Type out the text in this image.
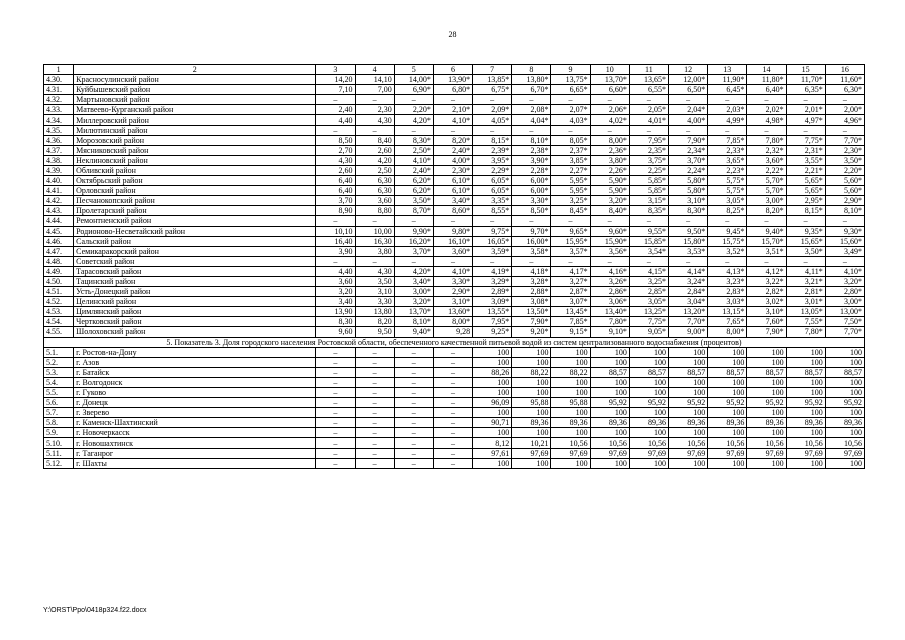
28
1	2	3	4	5	6	7	8	9	10	11	12	13	14	15	16
4.30.	Красносулинский район	14,20	14,10	14,00*	13,90*	13,85*	13,80*	13,75*	13,70*	13,65*	12,00*	11,90*	11,80*	11,70*	11,60*
4.31.	Куйбышевский район	7,10	7,00	6,90*	6,80*	6,75*	6,70*	6,65*	6,60*	6,55*	6,50*	6,45*	6,40*	6,35*	6,30*
4.32.	Мартыновский район	–	–	–	–	–	–	–	–	–	–	–	–	–	–
4.33.	Матвеево-Курганский район	2,40	2,30	2,20*	2,10*	2,09*	2,08*	2,07*	2,06*	2,05*	2,04*	2,03*	2,02*	2,01*	2,00*
4.34.	Миллеровский район	4,40	4,30	4,20*	4,10*	4,05*	4,04*	4,03*	4,02*	4,01*	4,00*	4,99*	4,98*	4,97*	4,96*
4.35.	Милютинский район	–	–	–	–	–	–	–	–	–	–	–	–	–	–
4.36.	Морозовский район	8,50	8,40	8,30*	8,20*	8,15*	8,10*	8,05*	8,00*	7,95*	7,90*	7,85*	7,80*	7,75*	7,70*
4.37.	Мясниковский район	2,70	2,60	2,50*	2,40*	2,39*	2,38*	2,37*	2,36*	2,35*	2,34*	2,33*	2,32*	2,31*	2,30*
4.38.	Неклиновский район	4,30	4,20	4,10*	4,00*	3,95*	3,90*	3,85*	3,80*	3,75*	3,70*	3,65*	3,60*	3,55*	3,50*
4.39.	Обливский район	2,60	2,50	2,40*	2,30*	2,29*	2,28*	2,27*	2,26*	2,25*	2,24*	2,23*	2,22*	2,21*	2,20*
4.40.	Октябрьский район	6,40	6,30	6,20*	6,10*	6,05*	6,00*	5,95*	5,90*	5,85*	5,80*	5,75*	5,70*	5,65*	5,60*
4.41.	Орловский район	6,40	6,30	6,20*	6,10*	6,05*	6,00*	5,95*	5,90*	5,85*	5,80*	5,75*	5,70*	5,65*	5,60*
4.42.	Песчанокопский район	3,70	3,60	3,50*	3,40*	3,35*	3,30*	3,25*	3,20*	3,15*	3,10*	3,05*	3,00*	2,95*	2,90*
4.43.	Пролетарский район	8,90	8,80	8,70*	8,60*	8,55*	8,50*	8,45*	8,40*	8,35*	8,30*	8,25*	8,20*	8,15*	8,10*
4.44.	Ремонтненский район	–	–	–	–	–	–	–	–	–	–	–	–	–	–
4.45.	Родионово-Несветайский район	10,10	10,00	9,90*	9,80*	9,75*	9,70*	9,65*	9,60*	9,55*	9,50*	9,45*	9,40*	9,35*	9,30*
4.46.	Сальский район	16,40	16,30	16,20*	16,10*	16,05*	16,00*	15,95*	15,90*	15,85*	15,80*	15,75*	15,70*	15,65*	15,60*
4.47.	Семикаракорский район	3,90	3,80	3,70*	3,60*	3,59*	3,58*	3,57*	3,56*	3,54*	3,53*	3,52*	3,51*	3,50*	3,49*
4.48.	Советский район	–	–	–	–	–	–	–	–	–	–	–	–	–	–
4.49.	Тарасовский район	4,40	4,30	4,20*	4,10*	4,19*	4,18*	4,17*	4,16*	4,15*	4,14*	4,13*	4,12*	4,11*	4,10*
4.50.	Тацинский район	3,60	3,50	3,40*	3,30*	3,29*	3,28*	3,27*	3,26*	3,25*	3,24*	3,23*	3,22*	3,21*	3,20*
4.51.	Усть-Донецкий район	3,20	3,10	3,00*	2,90*	2,89*	2,88*	2,87*	2,86*	2,85*	2,84*	2,83*	2,82*	2,81*	2,80*
4.52.	Целинский район	3,40	3,30	3,20*	3,10*	3,09*	3,08*	3,07*	3,06*	3,05*	3,04*	3,03*	3,02*	3,01*	3,00*
4.53.	Цимлянский район	13,90	13,80	13,70*	13,60*	13,55*	13,50*	13,45*	13,40*	13,25*	13,20*	13,15*	3,10*	13,05*	13,00*
4.54.	Чертковский район	8,30	8,20	8,10*	8,00*	7,95*	7,90*	7,85*	7,80*	7,75*	7,70*	7,65*	7,60*	7,55*	7,50*
4.55.	Шолоховский район	9,60	9,50	9,40*	9,28	9,25*	9,20*	9,15*	9,10*	9,05*	9,00*	8,00*	7,90*	7,80*	7,70*
5. Показатель 3. Доля городского населения Ростовской области, обеспеченного качественной питьевой водой из систем централизованного водоснабжения (процентов)															
5.1.	г. Ростов-на-Дону	–	–	–	–	100	100	100	100	100	100	100	100	100	100
5.2.	г. Азов	–	–	–	–	100	100	100	100	100	100	100	100	100	100
5.3.	г. Батайск	–	–	–	–	88,26	88,22	88,22	88,57	88,57	88,57	88,57	88,57	88,57	88,57
5.4.	г. Волгодонск	–	–	–	–	100	100	100	100	100	100	100	100	100	100
5.5.	г. Гуково	–	–	–	–	100	100	100	100	100	100	100	100	100	100
5.6.	г. Донецк	–	–	–	–	96,09	95,88	95,88	95,92	95,92	95,92	95,92	95,92	95,92	95,92
5.7.	г. Зверево	–	–	–	–	100	100	100	100	100	100	100	100	100	100
5.8.	г. Каменск-Шахтинский	–	–	–	–	90,71	89,36	89,36	89,36	89,36	89,36	89,36	89,36	89,36	89,36
5.9.	г. Новочеркасск	–	–	–	–	100	100	100	100	100	100	100	100	100	100
5.10.	г. Новошахтинск	–	–	–	–	8,12	10,21	10,56	10,56	10,56	10,56	10,56	10,56	10,56	10,56
5.11.	г. Таганрог	–	–	–	–	97,61	97,69	97,69	97,69	97,69	97,69	97,69	97,69	97,69	97,69
5.12.	г. Шахты	–	–	–	–	100	100	100	100	100	100	100	100	100	100
Y:\ORST\Ppo\0418p324.f22.docx
